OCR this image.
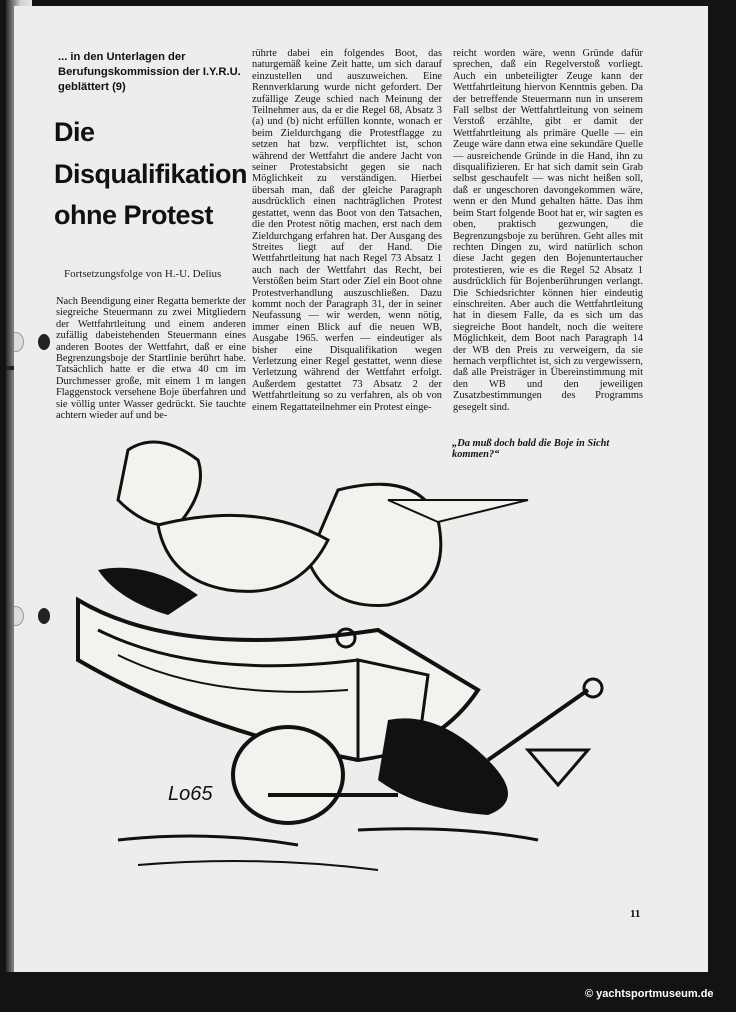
... in den Unterlagen der Berufungskommission der I.Y.R.U. geblättert (9)
Die Disqualifikation ohne Protest
Fortsetzungsfolge von H.-U. Delius
Nach Beendigung einer Regatta bemerkte der siegreiche Steuermann zu zwei Mitgliedern der Wettfahrtleitung und einem anderen zufällig dabeistehenden Steuermann eines anderen Bootes der Wettfahrt, daß er eine Begrenzungsboje der Startlinie berührt habe. Tatsächlich hatte er die etwa 40 cm im Durchmesser große, mit einem 1 m langen Flaggenstock versehene Boje überfahren und sie völlig unter Wasser gedrückt. Sie tauchte achtern wieder auf und be-
rührte dabei ein folgendes Boot, das naturgemäß keine Zeit hatte, um sich darauf einzustellen und auszuweichen. Eine Rennverklarung wurde nicht gefordert. Der zufällige Zeuge schied nach Meinung der Teilnehmer aus, da er die Regel 68, Absatz 3 (a) und (b) nicht erfüllen konnte, wonach er beim Zieldurchgang die Protestflagge zu setzen hat bzw. verpflichtet ist, schon während der Wettfahrt die andere Jacht von seiner Protestabsicht gegen sie nach Möglichkeit zu verständigen. Hierbei übersah man, daß der gleiche Paragraph ausdrücklich einen nachträglichen Protest gestattet, wenn das Boot von den Tatsachen, die den Protest nötig machen, erst nach dem Zieldurchgang erfahren hat. Der Ausgang des Streites liegt auf der Hand. Die Wettfahrtleitung hat nach Regel 73 Absatz 1 auch nach der Wettfahrt das Recht, bei Verstößen beim Start oder Ziel ein Boot ohne Protestverhandlung auszuschließen. Dazu kommt noch der Paragraph 31, der in seiner Neufassung — wir werden, wenn nötig, immer einen Blick auf die neuen WB, Ausgabe 1965. werfen — eindeutiger als bisher eine Disqualifikation wegen Verletzung einer Regel gestattet, wenn diese Verletzung während der Wettfahrt erfolgt. Außerdem gestattet 73 Absatz 2 der Wettfahrtleitung so zu verfahren, als ob von einem Regattateilnehmer ein Protest einge-
reicht worden wäre, wenn Gründe dafür sprechen, daß ein Regelverstoß vorliegt. Auch ein unbeteiligter Zeuge kann der Wettfahrtleitung hiervon Kenntnis geben. Da der betreffende Steuermann nun in unserem Fall selbst der Wettfahrtleitung von seinem Verstoß erzählte, gibt er damit der Wettfahrtleitung als primäre Quelle — ein Zeuge wäre dann etwa eine sekundäre Quelle — ausreichende Gründe in die Hand, ihn zu disqualifizieren. Er hat sich damit sein Grab selbst geschaufelt — was nicht heißen soll, daß er ungeschoren davongekommen wäre, wenn er den Mund gehalten hätte. Das ihm beim Start folgende Boot hat er, wir sagten es oben, praktisch gezwungen, die Begrenzungsboje zu berühren. Geht alles mit rechten Dingen zu, wird natürlich schon diese Jacht gegen den Bojenuntertaucher protestieren, wie es die Regel 52 Absatz 1 ausdrücklich für Bojenberührungen verlangt. Die Schiedsrichter können hier eindeutig einschreiten. Aber auch die Wettfahrtleitung hat in diesem Falle, da es sich um das siegreiche Boot handelt, noch die weitere Möglichkeit, dem Boot nach Paragraph 14 der WB den Preis zu verweigern, da sie hernach verpflichtet ist, sich zu vergewissern, daß alle Preisträger in Übereinstimmung mit den WB und den jeweiligen Zusatzbestimmungen des Programms gesegelt sind.
„Da muß doch bald die Boje in Sicht kommen?“
Lo65
11
© yachtsportmuseum.de
